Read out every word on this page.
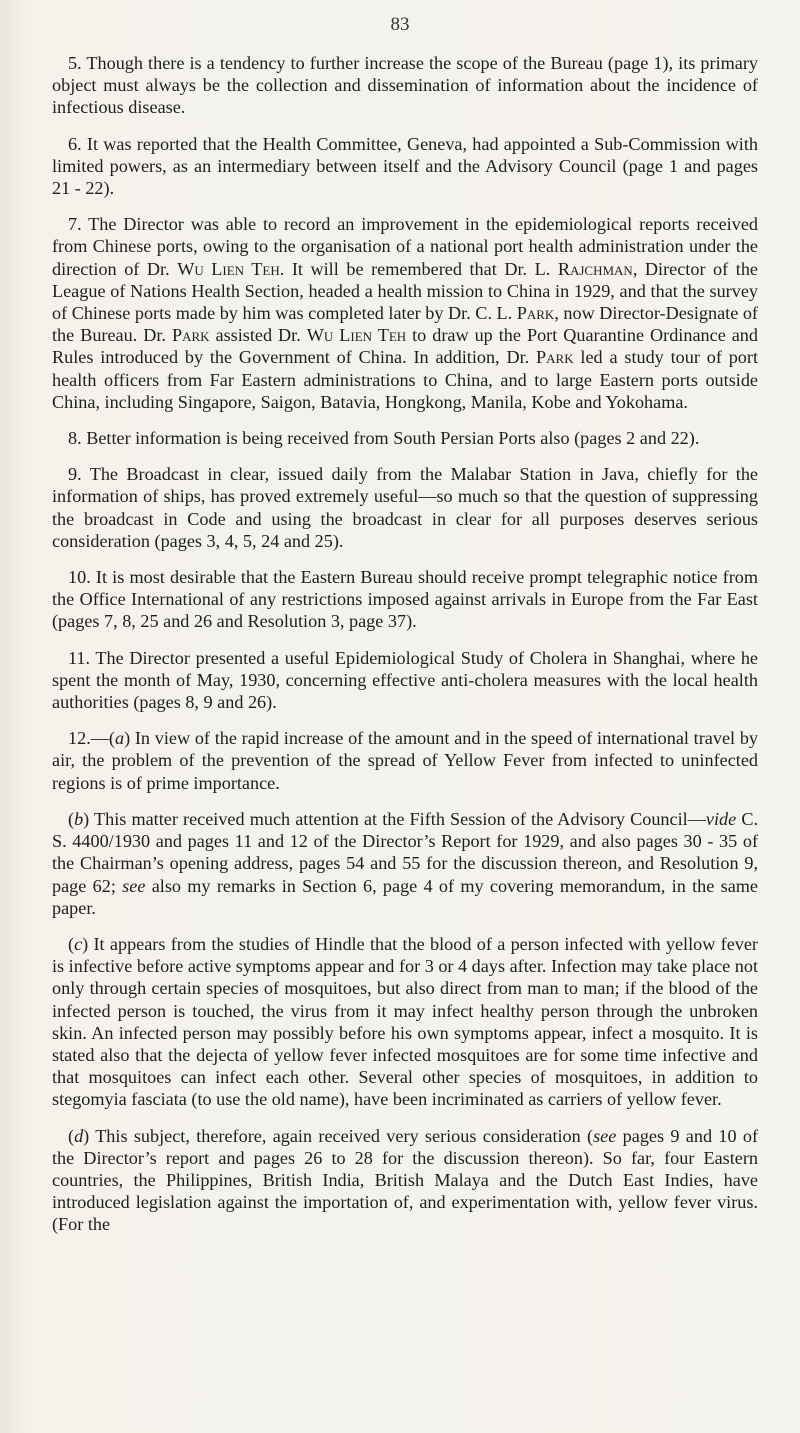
83

5. Though there is a tendency to further increase the scope of the Bureau (page 1), its primary object must always be the collection and dissemination of information about the incidence of infectious disease.

6. It was reported that the Health Committee, Geneva, had appointed a Sub-Commission with limited powers, as an intermediary between itself and the Advisory Council (page 1 and pages 21 - 22).

7. The Director was able to record an improvement in the epidemiological reports received from Chinese ports, owing to the organisation of a national port health administration under the direction of Dr. Wu Lien Teh. It will be remembered that Dr. L. Rajchman, Director of the League of Nations Health Section, headed a health mission to China in 1929, and that the survey of Chinese ports made by him was completed later by Dr. C. L. Park, now Director-Designate of the Bureau. Dr. Park assisted Dr. Wu Lien Teh to draw up the Port Quarantine Ordinance and Rules introduced by the Government of China. In addition, Dr. Park led a study tour of port health officers from Far Eastern administrations to China, and to large Eastern ports outside China, including Singapore, Saigon, Batavia, Hongkong, Manila, Kobe and Yokohama.

8. Better information is being received from South Persian Ports also (pages 2 and 22).

9. The Broadcast in clear, issued daily from the Malabar Station in Java, chiefly for the information of ships, has proved extremely useful—so much so that the question of suppressing the broadcast in Code and using the broadcast in clear for all purposes deserves serious consideration (pages 3, 4, 5, 24 and 25).

10. It is most desirable that the Eastern Bureau should receive prompt telegraphic notice from the Office International of any restrictions imposed against arrivals in Europe from the Far East (pages 7, 8, 25 and 26 and Resolution 3, page 37).

11. The Director presented a useful Epidemiological Study of Cholera in Shanghai, where he spent the month of May, 1930, concerning effective anti-cholera measures with the local health authorities (pages 8, 9 and 26).

12.—(a) In view of the rapid increase of the amount and in the speed of international travel by air, the problem of the prevention of the spread of Yellow Fever from infected to uninfected regions is of prime importance.

(b) This matter received much attention at the Fifth Session of the Advisory Council—vide C. S. 4400/1930 and pages 11 and 12 of the Director’s Report for 1929, and also pages 30 - 35 of the Chairman’s opening address, pages 54 and 55 for the discussion thereon, and Resolution 9, page 62; see also my remarks in Section 6, page 4 of my covering memorandum, in the same paper.

(c) It appears from the studies of Hindle that the blood of a person infected with yellow fever is infective before active symptoms appear and for 3 or 4 days after. Infection may take place not only through certain species of mosquitoes, but also direct from man to man; if the blood of the infected person is touched, the virus from it may infect healthy person through the unbroken skin. An infected person may possibly before his own symptoms appear, infect a mosquito. It is stated also that the dejecta of yellow fever infected mosquitoes are for some time infective and that mosquitoes can infect each other. Several other species of mosquitoes, in addition to stegomyia fasciata (to use the old name), have been incriminated as carriers of yellow fever.

(d) This subject, therefore, again received very serious consideration (see pages 9 and 10 of the Director’s report and pages 26 to 28 for the discussion thereon). So far, four Eastern countries, the Philippines, British India, British Malaya and the Dutch East Indies, have introduced legislation against the importation of, and experimentation with, yellow fever virus. (For the
